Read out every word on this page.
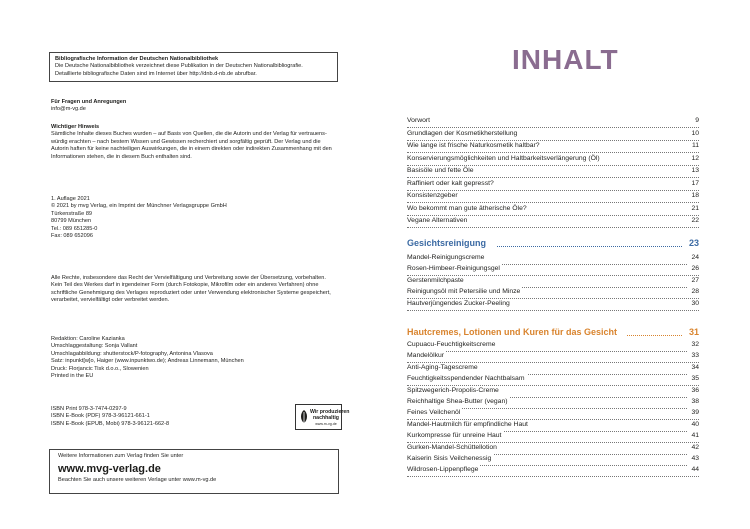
Bibliografische Information der Deutschen Nationalbibliothek
Die Deutsche Nationalbibliothek verzeichnet diese Publikation in der Deutschen Nationalbibliografie.
Detaillierte bibliografische Daten sind im Internet über http://dnb.d-nb.de abrufbar.
Für Fragen und Anregungen
info@m-vg.de
Wichtiger Hinweis
Sämtliche Inhalte dieses Buches wurden – auf Basis von Quellen, die die Autorin und der Verlag für vertrauens-
würdig erachten – nach bestem Wissen und Gewissen recherchiert und sorgfältig geprüft. Der Verlag und die
Autorin haften für keine nachteiligen Auswirkungen, die in einem direkten oder indirekten Zusammenhang mit den
Informationen stehen, die in diesem Buch enthalten sind.
1. Auflage 2021
© 2021 by mvg Verlag, ein Imprint der Münchner Verlagsgruppe GmbH
Türkenstraße 89
80799 München
Tel.: 089 651285-0
Fax: 089 652096
Alle Rechte, insbesondere das Recht der Vervielfältigung und Verbreitung sowie der Übersetzung, vorbehalten.
Kein Teil des Werkes darf in irgendeiner Form (durch Fotokopie, Mikrofilm oder ein anderes Verfahren) ohne
schriftliche Genehmigung des Verlages reproduziert oder unter Verwendung elektronischer Systeme gespeichert,
verarbeitet, vervielfältigt oder verbreitet werden.
Redaktion: Caroline Kazianka
Umschlaggestaltung: Sonja Vallant
Umschlagabbildung: shutterstock/P-fotography, Antonina Vlasova
Satz: inpunkt[w]o, Haiger (www.inpunktwo.de); Andreas Linnemann, München
Druck: Florjancic Tisk d.o.o., Slowenien
Printed in the EU
ISBN Print 978-3-7474-0297-9
ISBN E-Book (PDF) 978-3-96121-661-1
ISBN E-Book (EPUB, Mobi) 978-3-96121-662-8
Wir produzieren
nachhaltig
www.m-vg.de
Weitere Informationen zum Verlag finden Sie unter
www.mvg-verlag.de
Beachten Sie auch unsere weiteren Verlage unter www.m-vg.de
INHALT
Vorwort	9
Grundlagen der Kosmetikherstellung	10
Wie lange ist frische Naturkosmetik haltbar?	11
Konservierungsmöglichkeiten und Haltbarkeitsverlängerung (Öl)	12
Basisöle und fette Öle	13
Raffiniert oder kalt gepresst?	17
Konsistenzgeber	18
Wo bekommt man gute ätherische Öle?	21
Vegane Alternativen	22
Gesichtsreinigung	23
Mandel-Reinigungscreme	24
Rosen-Himbeer-Reinigungsgel	26
Gerstenmilchpaste	27
Reinigungsöl mit Petersilie und Minze	28
Hautverjüngendes Zucker-Peeling	30
Hautcremes, Lotionen und Kuren für das Gesicht	31
Cupuacu-Feuchtigkeitscreme	32
Mandelölkur	33
Anti-Aging-Tagescreme	34
Feuchtigkeitsspendender Nachtbalsam	35
Spitzwegerich-Propolis-Creme	36
Reichhaltige Shea-Butter (vegan)	38
Feines Veilchenöl	39
Mandel-Hautmilch für empfindliche Haut	40
Kurkompresse für unreine Haut	41
Gurken-Mandel-Schüttellotion	42
Kaiserin Sisis Veilchenessig	43
Wildrosen-Lippenpflege	44
